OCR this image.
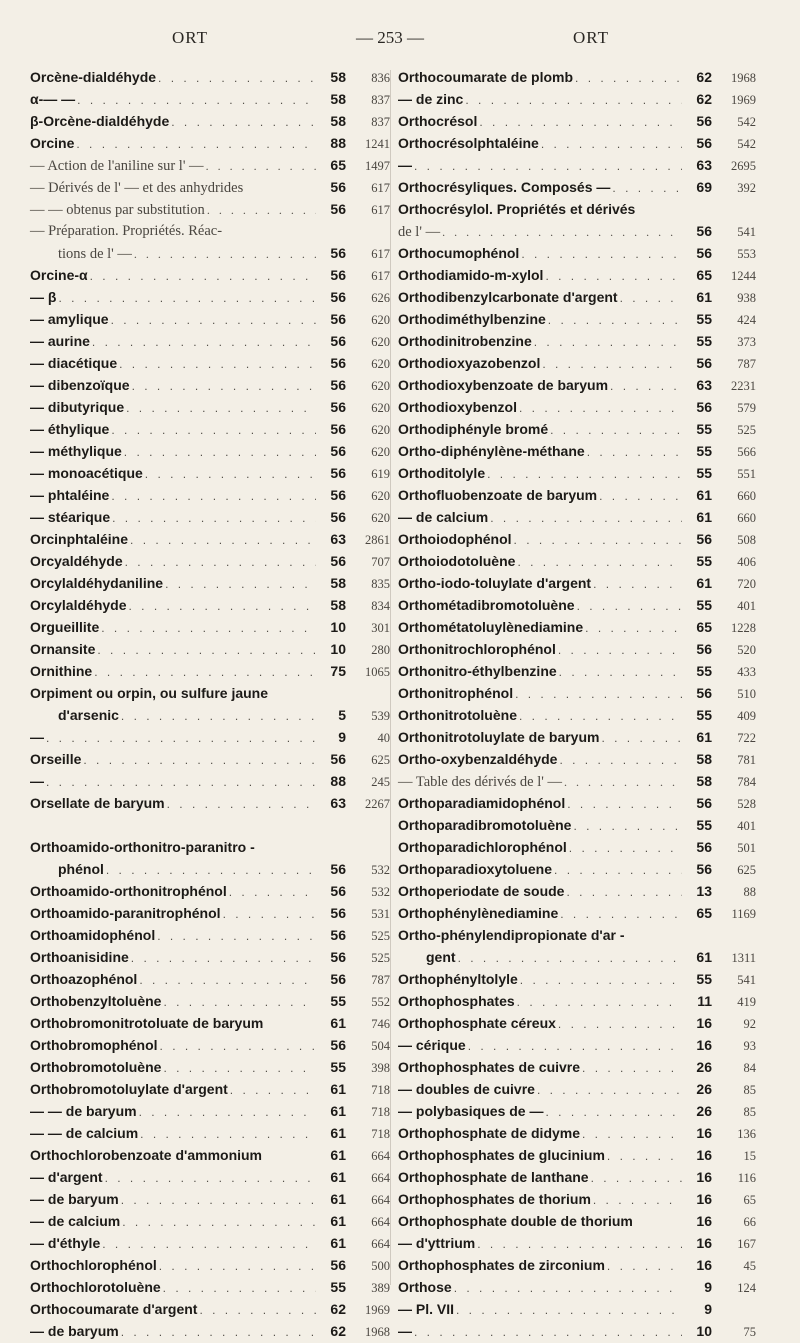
ORT	— 253 —	ORT
Orcène-dialdéhyde . . .	58	836
α-— — . . .	58	837
β-Orcène-dialdéhyde . . .	58	837
Orcine . . .	88	1241
— Action de l'aniline sur l' — . . .	65	1497
— Dérivés de l' — et des anhydrides	56	617
— — obtenus par substitution . . .	56	617
— Préparation. Propriétés. Réac-
tions de l' — . . .	56	617
Orcine-α . . .	56	617
— β . . .	56	626
— amylique . . .	56	620
— aurine . . .	56	620
— diacétique . . .	56	620
— dibenzoïque . . .	56	620
— dibutyrique . . .	56	620
— éthylique . . .	56	620
— méthylique . . .	56	620
— monoacétique . . .	56	619
— phtaléine . . .	56	620
— stéarique . . .	56	620
Orcinphtaléine . . .	63	2861
Orcyaldéhyde . . .	56	707
Orcylaldéhydaniline . . .	58	835
Orcylaldéhyde . . .	58	834
Orgueillite . . .	10	301
Ornansite . . .	10	280
Ornithine . . .	75	1065
Orpiment ou orpin, ou sulfure jaune
d'arsenic . . .	5	539
— . . .	9	40
Orseille . . .	56	625
— . . .	88	245
Orsellate de baryum . . .	63	2267
Orthoamido-orthonitro-paranitro -
phénol . . .	56	532
Orthoamido-orthonitrophénol . . .	56	532
Orthoamido-paranitrophénol . . .	56	531
Orthoamidophénol . . .	56	525
Orthoanisidine . . .	56	525
Orthoazophénol . . .	56	787
Orthobenzyltoluène . . .	55	552
Orthobromonitrotoluate de baryum	61	746
Orthobromophénol . . .	56	504
Orthobromotoluène . . .	55	398
Orthobromotoluylate d'argent . . .	61	718
— — de baryum . . .	61	718
— — de calcium . . .	61	718
Orthochlorobenzoate d'ammonium	61	664
— d'argent . . .	61	664
— de baryum . . .	61	664
— de calcium . . .	61	664
— d'éthyle . . .	61	664
Orthochlorophénol . . .	56	500
Orthochlorotoluène . . .	55	389
Orthocoumarate d'argent . . .	62	1969
— de baryum . . .	62	1968
Orthocoumarate de plomb . . .	62	1968
— de zinc . . .	62	1969
Orthocrésol . . .	56	542
Orthocrésolphtaléine . . .	56	542
— . . .	63	2695
Orthocrésyliques. Composés — . . .	69	392
Orthocrésylol. Propriétés et dérivés
de l' — . . .	56	541
Orthocumophénol . . .	56	553
Orthodiamido-m-xylol . . .	65	1244
Orthodibenzylcarbonate d'argent . . .	61	938
Orthodiméthylbenzine . . .	55	424
Orthodinitrobenzine . . .	55	373
Orthodioxyazobenzol . . .	56	787
Orthodioxybenzoate de baryum . . .	63	2231
Orthodioxybenzol . . .	56	579
Orthodiphényle bromé . . .	55	525
Ortho-diphénylène-méthane . . .	55	566
Orthoditolyle . . .	55	551
Orthofluobenzoate de baryum . . .	61	660
— de calcium . . .	61	660
Orthoiodophénol . . .	56	508
Orthoiodotoluène . . .	55	406
Ortho-iodo-toluylate d'argent . . .	61	720
Orthométadibromotoluène . . .	55	401
Orthométatoluylènediamine . . .	65	1228
Orthonitrochlorophénol . . .	56	520
Orthonitro-éthylbenzine . . .	55	433
Orthonitrophénol . . .	56	510
Orthonitrotoluène . . .	55	409
Orthonitrotoluylate de baryum . . .	61	722
Ortho-oxybenzaldéhyde . . .	58	781
— Table des dérivés de l' — . . .	58	784
Orthoparadiamidophénol . . .	56	528
Orthoparadibromotoluène . . .	55	401
Orthoparadichlorophénol . . .	56	501
Orthoparadioxytoluene . . .	56	625
Orthoperiodate de soude . . .	13	88
Orthophénylènediamine . . .	65	1169
Ortho-phénylendipropionate d'ar -
gent . . .	61	1311
Orthophényltolyle . . .	55	541
Orthophosphates . . .	11	419
Orthophosphate céreux . . .	16	92
— cérique . . .	16	93
Orthophosphates de cuivre . . .	26	84
— doubles de cuivre . . .	26	85
— polybasiques de — . . .	26	85
Orthophosphate de didyme . . .	16	136
Orthophosphates de glucinium . . .	16	15
Orthophosphate de lanthane . . .	16	116
Orthophosphates de thorium . . .	16	65
Orthophosphate double de thorium	16	66
— d'yttrium . . .	16	167
Orthophosphates de zirconium . . .	16	45
Orthose . . .	9	124
— Pl. VII . . .	9
— . . .	10	75
